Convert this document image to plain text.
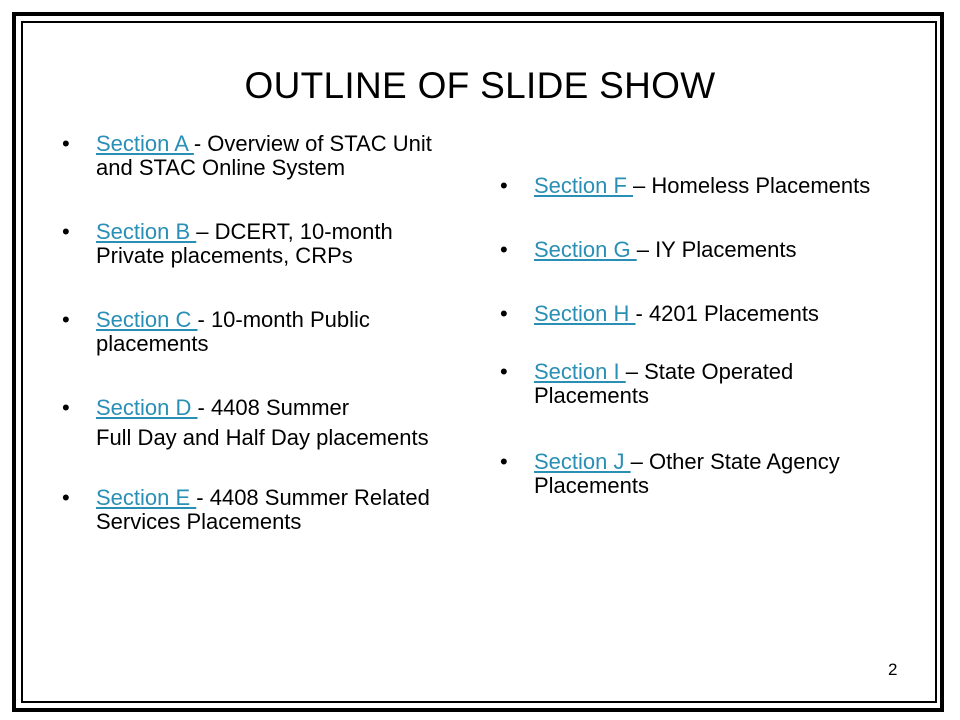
OUTLINE OF SLIDE SHOW
•	Section A - Overview of STAC Unit and STAC Online System
•	Section B – DCERT, 10-month Private placements, CRPs
•	Section C - 10-month Public placements
•	Section D - 4408 Summer
Full Day and Half Day placements
•	Section E - 4408 Summer Related Services Placements
•	Section F – Homeless Placements
•	Section G – IY Placements
•	Section H - 4201 Placements
•	Section I – State Operated Placements
•	Section J – Other State Agency Placements
2
